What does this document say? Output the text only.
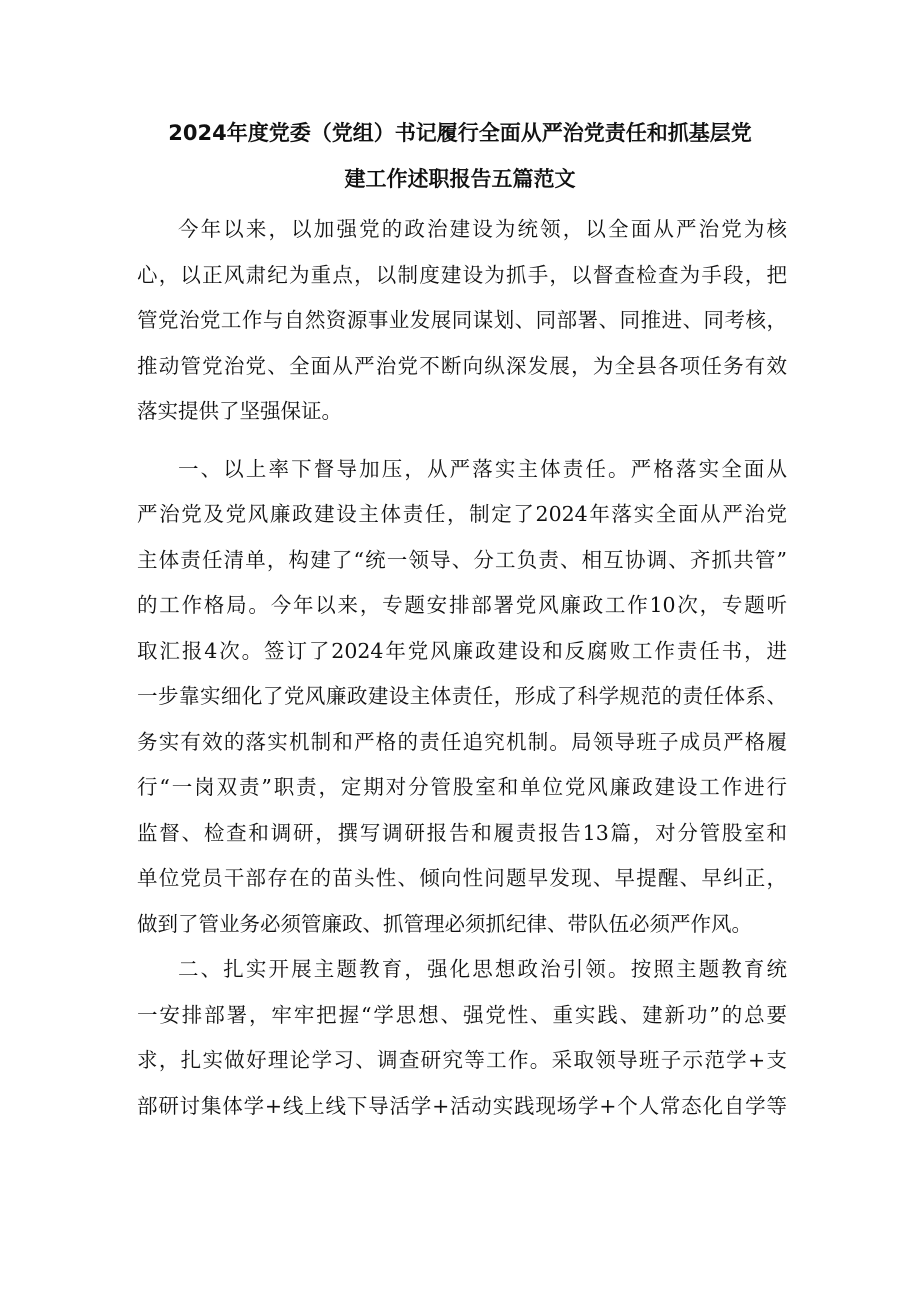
2024年度党委（党组）书记履行全面从严治党责任和抓基层党
建工作述职报告五篇范文
今年以来，以加强党的政治建设为统领，以全面从严治党为核
心，以正风肃纪为重点，以制度建设为抓手，以督查检查为手段，把
管党治党工作与自然资源事业发展同谋划、同部署、同推进、同考核，
推动管党治党、全面从严治党不断向纵深发展，为全县各项任务有效
落实提供了坚强保证。
一、以上率下督导加压，从严落实主体责任。严格落实全面从
严治党及党风廉政建设主体责任，制定了2024年落实全面从严治党
主体责任清单，构建了“统一领导、分工负责、相互协调、齐抓共管”
的工作格局。今年以来，专题安排部署党风廉政工作10次，专题听
取汇报4次。签订了2024年党风廉政建设和反腐败工作责任书，进
一步靠实细化了党风廉政建设主体责任，形成了科学规范的责任体系、
务实有效的落实机制和严格的责任追究机制。局领导班子成员严格履
行“一岗双责”职责，定期对分管股室和单位党风廉政建设工作进行
监督、检查和调研，撰写调研报告和履责报告13篇，对分管股室和
单位党员干部存在的苗头性、倾向性问题早发现、早提醒、早纠正，
做到了管业务必须管廉政、抓管理必须抓纪律、带队伍必须严作风。
二、扎实开展主题教育，强化思想政治引领。按照主题教育统
一安排部署，牢牢把握“学思想、强党性、重实践、建新功”的总要
求，扎实做好理论学习、调查研究等工作。采取领导班子示范学+支
部研讨集体学+线上线下导活学+活动实践现场学+个人常态化自学等
